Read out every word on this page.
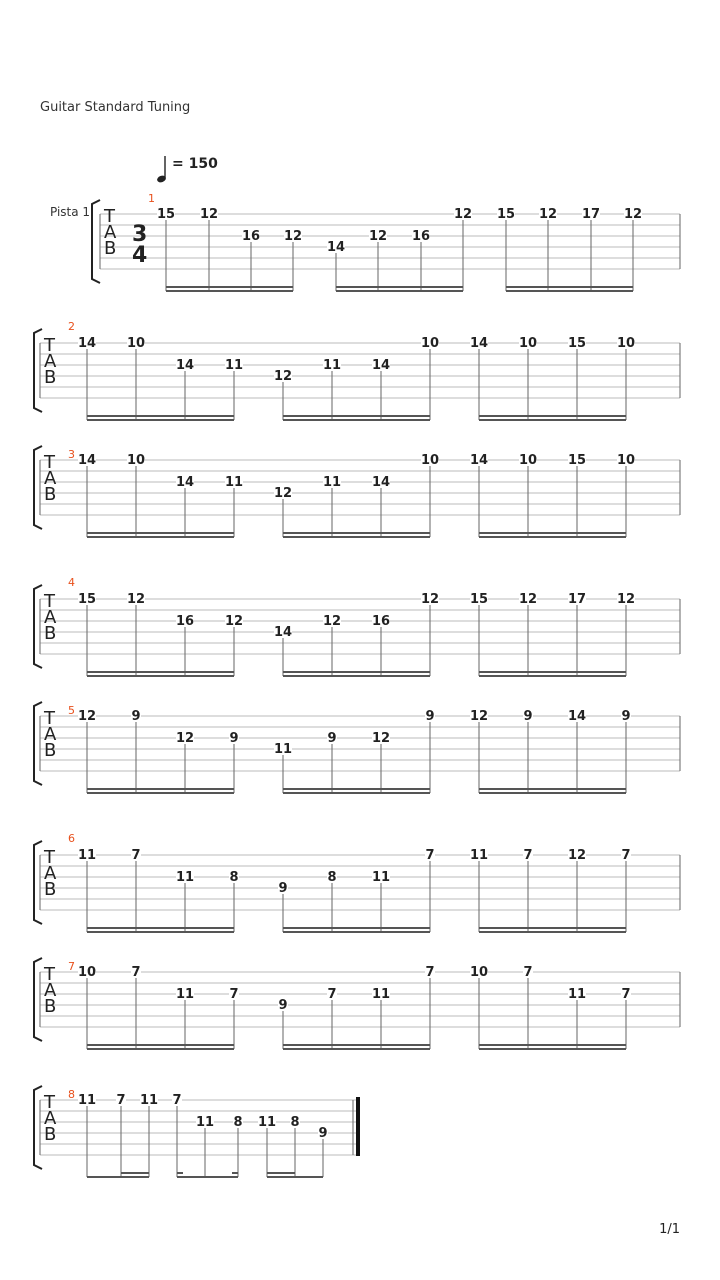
Guitar Standard Tuning
= 150
Pista 1 T
A
B
3
4
1
15 12
16 12
14
12 16
12 15 12 17 12
T
A
B
2
14 10
14 11
12
11 14
10 14 10 15 10
T
A
B
3 14 10
14 11
12
11 14
10 14 10 15 10
T
A
B
4
15 12
16 12
14
12 16
12 15 12 17 12
T
A
B
5 12	9
12	9
11
9	12
9	12	9	14	9
T
A
B
6
11	7
11	8
9
8	11
7	11	7	12	7
T
A
B
7 10	7
11	7
9
7	11
7	10	7
11	7
T
A
B
8 11 7 11 7
11 8 11 8
9
1/1
